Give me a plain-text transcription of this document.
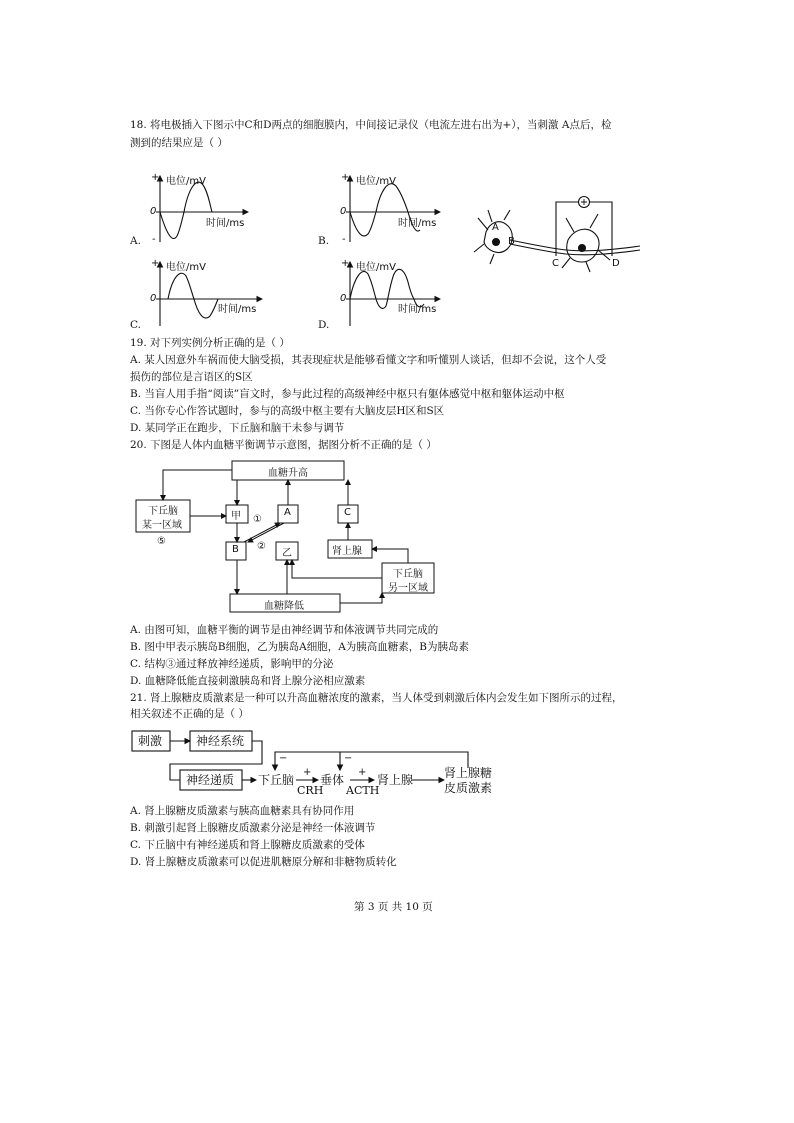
18. 将电极插入下图示中C和D两点的细胞膜内，中间接记录仪（电流左进右出为+），当刺激 A点后，检
测到的结果应是（ ）
+ 电位/mV
0
时间/ms
-
A.
+ 电位/mV
0
时间/ms
-
B.
+ 电位/mV
0
时间/ms
C.
+ 电位/mV
0
时间/ms
D.
A
B
C	D
19. 对下列实例分析正确的是（ ）
A. 某人因意外车祸而使大脑受损，其表现症状是能够看懂文字和听懂别人谈话，但却不会说，这个人受
损伤的部位是言语区的S区
B. 当盲人用手指“阅读”盲文时，参与此过程的高级神经中枢只有躯体感觉中枢和躯体运动中枢
C. 当你专心作答试题时，参与的高级中枢主要有大脑皮层H区和S区
D. 某同学正在跑步，下丘脑和脑干未参与调节
20. 下图是人体内血糖平衡调节示意图，据图分析不正确的是（ ）
血糖升高
下丘脑
某一区域
⑤
甲 ①
A	C
B ②
乙	肾上腺
下丘脑
另一区域
血糖降低
A. 由图可知，血糖平衡的调节是由神经调节和体液调节共同完成的
B. 图中甲表示胰岛B细胞，乙为胰岛A细胞，A为胰高血糖素，B为胰岛素
C. 结构③通过释放神经递质，影响甲的分泌
D. 血糖降低能直接刺激胰岛和肾上腺分泌相应激素
21. 肾上腺糖皮质激素是一种可以升高血糖浓度的激素，当人体受到刺激后体内会发生如下图所示的过程，
相关叙述不正确的是（ ）
刺激	神经系统
神经递质 下丘脑 垂体	肾上腺	肾上腺糖
皮质激素
CRH ACTH
+	+
−	−
A. 肾上腺糖皮质激素与胰高血糖素具有协同作用
B. 刺激引起肾上腺糖皮质激素分泌是神经一体液调节
C. 下丘脑中有神经递质和肾上腺糖皮质激素的受体
D. 肾上腺糖皮质激素可以促进肌糖原分解和非糖物质转化
第 3 页 共 10 页
